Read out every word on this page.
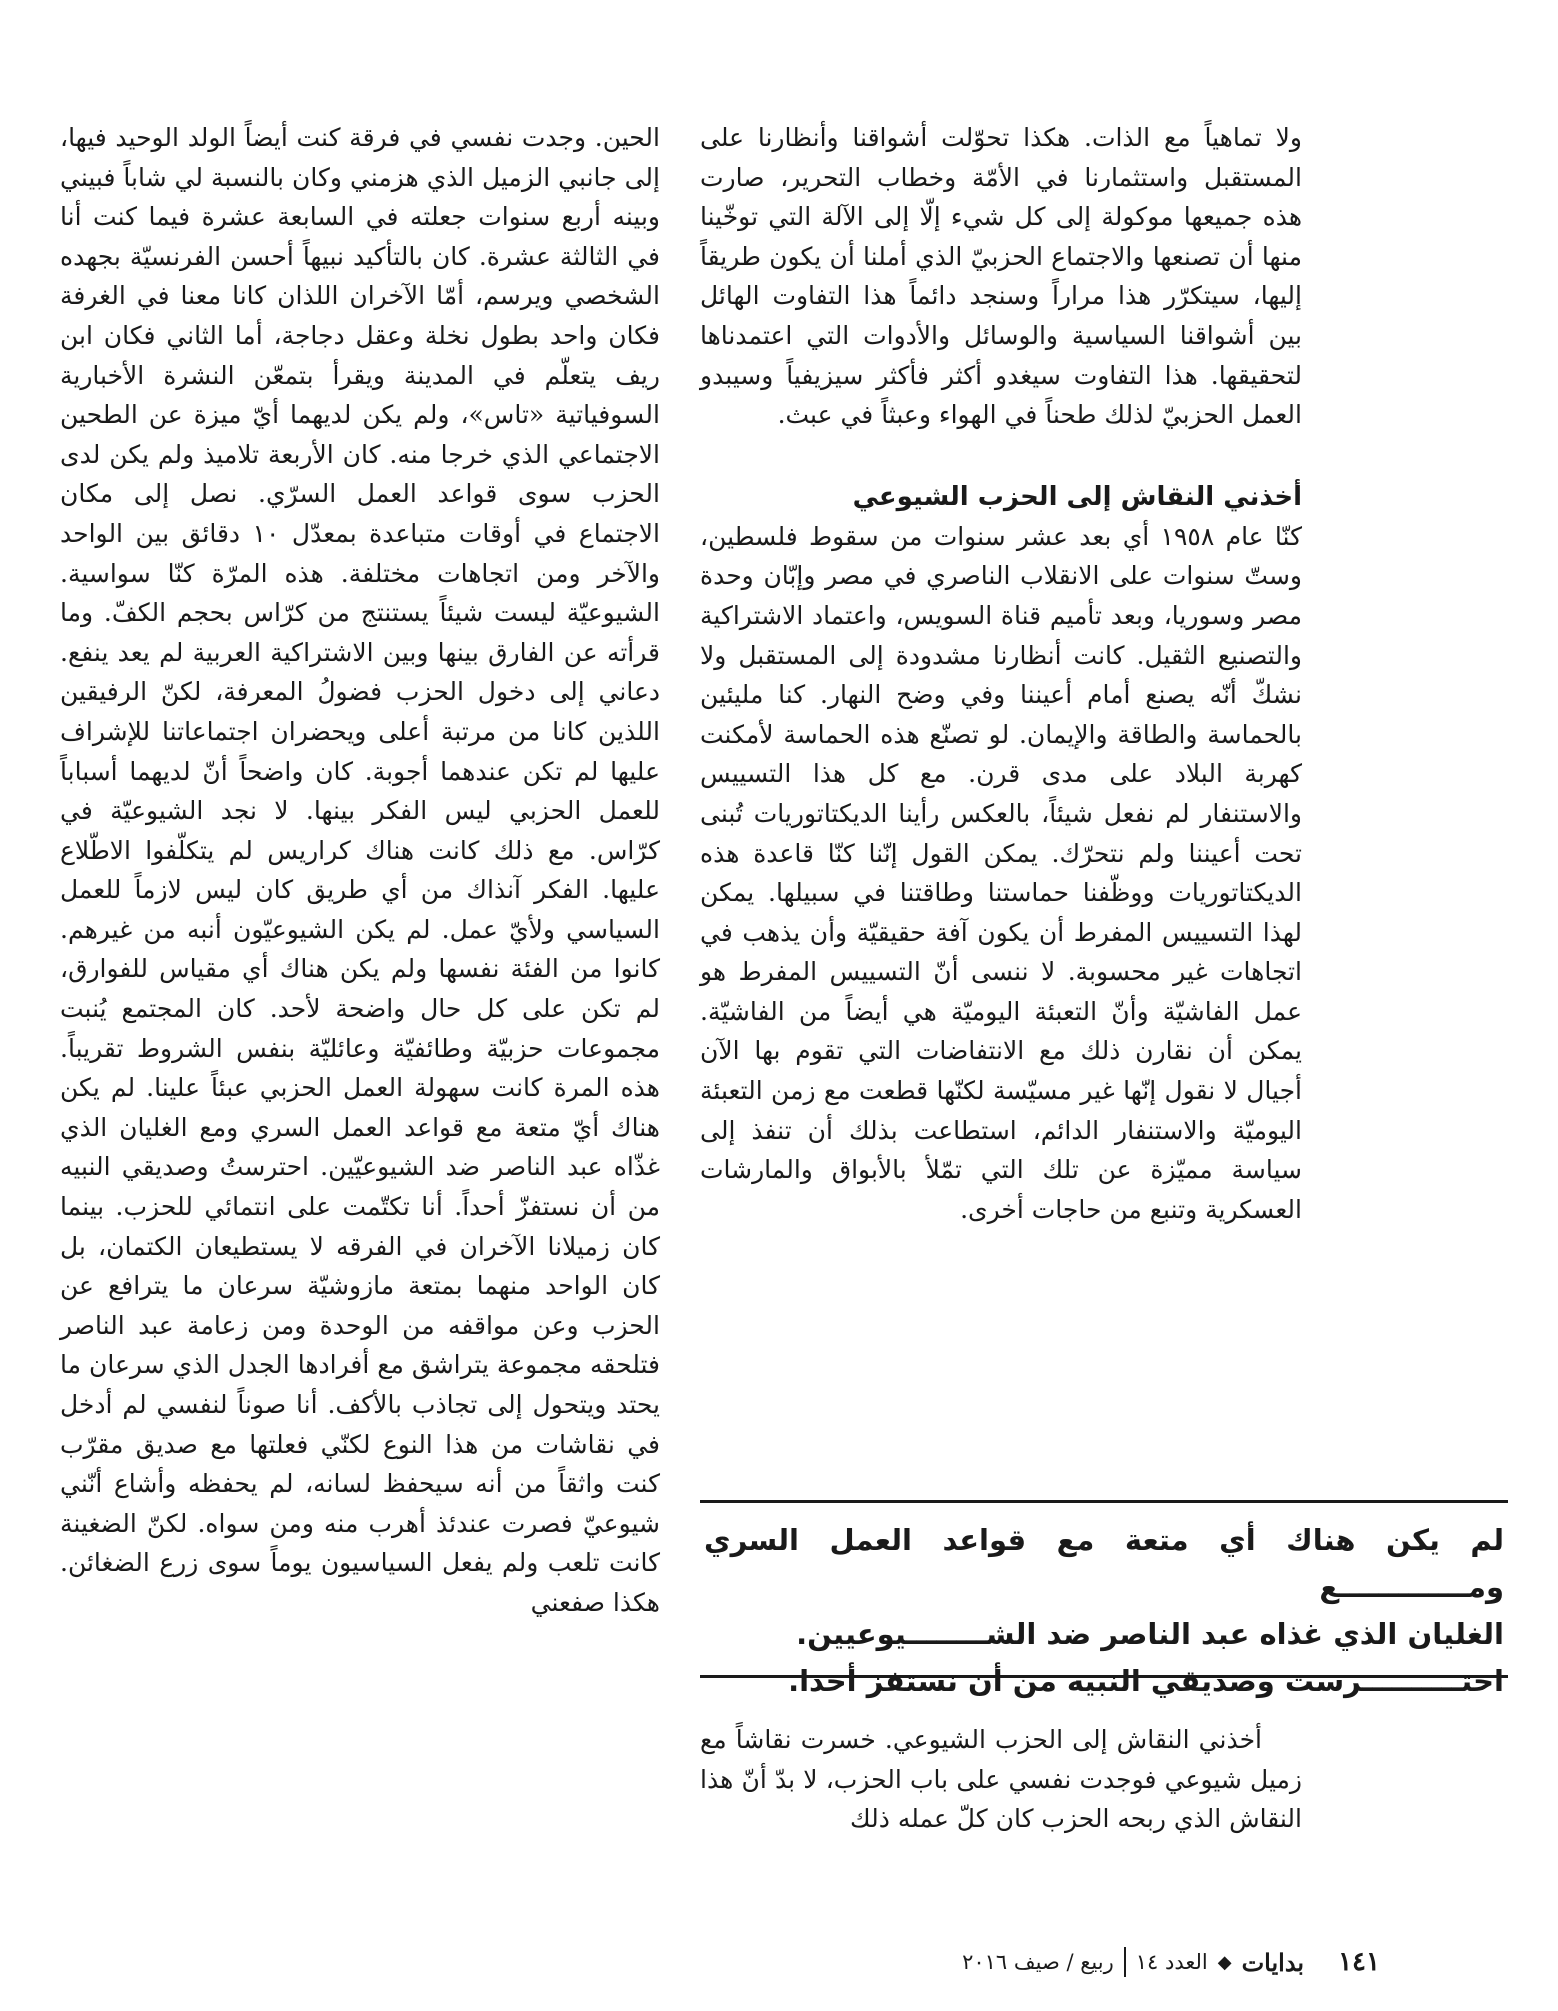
الحين. وجدت نفسي في فرقة كنت أيضاً الولد الوحيد فيها، إلى جانبي الزميل الذي هزمني وكان بالنسبة لي شاباً فبيني وبينه أربع سنوات جعلته في السابعة عشرة فيما كنت أنا في الثالثة عشرة. كان بالتأكيد نبيهاً أحسن الفرنسيّة بجهده الشخصي ويرسم، أمّا الآخران اللذان كانا معنا في الغرفة فكان واحد بطول نخلة وعقل دجاجة، أما الثاني فكان ابن ريف يتعلّم في المدينة ويقرأ بتمعّن النشرة الأخبارية السوفياتية «تاس»، ولم يكن لديهما أيّ ميزة عن الطحين الاجتماعي الذي خرجا منه. كان الأربعة تلاميذ ولم يكن لدى الحزب سوى قواعد العمل السرّي. نصل إلى مكان الاجتماع في أوقات متباعدة بمعدّل ١٠ دقائق بين الواحد والآخر ومن اتجاهات مختلفة. هذه المرّة كنّا سواسية. الشيوعيّة ليست شيئاً يستنتج من كرّاس بحجم الكفّ. وما قرأته عن الفارق بينها وبين الاشتراكية العربية لم يعد ينفع. دعاني إلى دخول الحزب فضولُ المعرفة، لكنّ الرفيقين اللذين كانا من مرتبة أعلى ويحضران اجتماعاتنا للإشراف عليها لم تكن عندهما أجوبة. كان واضحاً أنّ لديهما أسباباً للعمل الحزبي ليس الفكر بينها. لا نجد الشيوعيّة في كرّاس. مع ذلك كانت هناك كراريس لم يتكلّفوا الاطّلاع عليها. الفكر آنذاك من أي طريق كان ليس لازماً للعمل السياسي ولأيّ عمل. لم يكن الشيوعيّون أنبه من غيرهم. كانوا من الفئة نفسها ولم يكن هناك أي مقياس للفوارق، لم تكن على كل حال واضحة لأحد. كان المجتمع يُنبت مجموعات حزبيّة وطائفيّة وعائليّة بنفس الشروط تقريباً. هذه المرة كانت سهولة العمل الحزبي عبئاً علينا. لم يكن هناك أيّ متعة مع قواعد العمل السري ومع الغليان الذي غذّاه عبد الناصر ضد الشيوعيّين. احترستُ وصديقي النبيه من أن نستفزّ أحداً. أنا تكتّمت على انتمائي للحزب. بينما كان زميلانا الآخران في الفرقه لا يستطيعان الكتمان، بل كان الواحد منهما بمتعة مازوشيّة سرعان ما يترافع عن الحزب وعن مواقفه من الوحدة ومن زعامة عبد الناصر فتلحقه مجموعة يتراشق مع أفرادها الجدل الذي سرعان ما يحتد ويتحول إلى تجاذب بالأكف. أنا صوناً لنفسي لم أدخل في نقاشات من هذا النوع لكنّي فعلتها مع صديق مقرّب كنت واثقاً من أنه سيحفظ لسانه، لم يحفظه وأشاع أنّني شيوعيّ فصرت عندئذ أهرب منه ومن سواه. لكنّ الضغينة كانت تلعب ولم يفعل السياسيون يوماً سوى زرع الضغائن. هكذا صفعني

ولا تماهياً مع الذات. هكذا تحوّلت أشواقنا وأنظارنا على المستقبل واستثمارنا في الأمّة وخطاب التحرير، صارت هذه جميعها موكولة إلى كل شيء إلّا إلى الآلة التي توخّينا منها أن تصنعها والاجتماع الحزبيّ الذي أملنا أن يكون طريقاً إليها، سيتكرّر هذا مراراً وسنجد دائماً هذا التفاوت الهائل بين أشواقنا السياسية والوسائل والأدوات التي اعتمدناها لتحقيقها. هذا التفاوت سيغدو أكثر فأكثر سيزيفياً وسيبدو العمل الحزبيّ لذلك طحناً في الهواء وعبثاً في عبث.

أخذني النقاش إلى الحزب الشيوعي

كنّا عام ١٩٥٨ أي بعد عشر سنوات من سقوط فلسطين، وستّ سنوات على الانقلاب الناصري في مصر وإبّان وحدة مصر وسوريا، وبعد تأميم قناة السويس، واعتماد الاشتراكية والتصنيع الثقيل. كانت أنظارنا مشدودة إلى المستقبل ولا نشكّ أنّه يصنع أمام أعيننا وفي وضح النهار. كنا مليئين بالحماسة والطاقة والإيمان. لو تصنّع هذه الحماسة لأمكنت كهربة البلاد على مدى قرن. مع كل هذا التسييس والاستنفار لم نفعل شيئاً، بالعكس رأينا الديكتاتوريات تُبنى تحت أعيننا ولم نتحرّك. يمكن القول إنّنا كنّا قاعدة هذه الديكتاتوريات ووظّفنا حماستنا وطاقتنا في سبيلها. يمكن لهذا التسييس المفرط أن يكون آفة حقيقيّة وأن يذهب في اتجاهات غير محسوبة. لا ننسى أنّ التسييس المفرط هو عمل الفاشيّة وأنّ التعبئة اليوميّة هي أيضاً من الفاشيّة. يمكن أن نقارن ذلك مع الانتفاضات التي تقوم بها الآن أجيال لا نقول إنّها غير مسيّسة لكنّها قطعت مع زمن التعبئة اليوميّة والاستنفار الدائم، استطاعت بذلك أن تنفذ إلى سياسة مميّزة عن تلك التي تمّلأ بالأبواق والمارشات العسكرية وتنبع من حاجات أخرى.

لم يكن هناك أي متعة مع قواعد العمل السري ومـــــــــــــع

الغليان الذي غذاه عبد الناصر ضد الشــــــــيوعيين.

احتــــــــــرست وصديقي النبيه من أن نستفز أحدا.

أخذني النقاش إلى الحزب الشيوعي. خسرت نقاشاً مع زميل شيوعي فوجدت نفسي على باب الحزب، لا بدّ أنّ هذا النقاش الذي ربحه الحزب كان كلّ عمله ذلك

١٤١
بدايات
◆
العدد ١٤
ربيع / صيف ٢٠١٦
